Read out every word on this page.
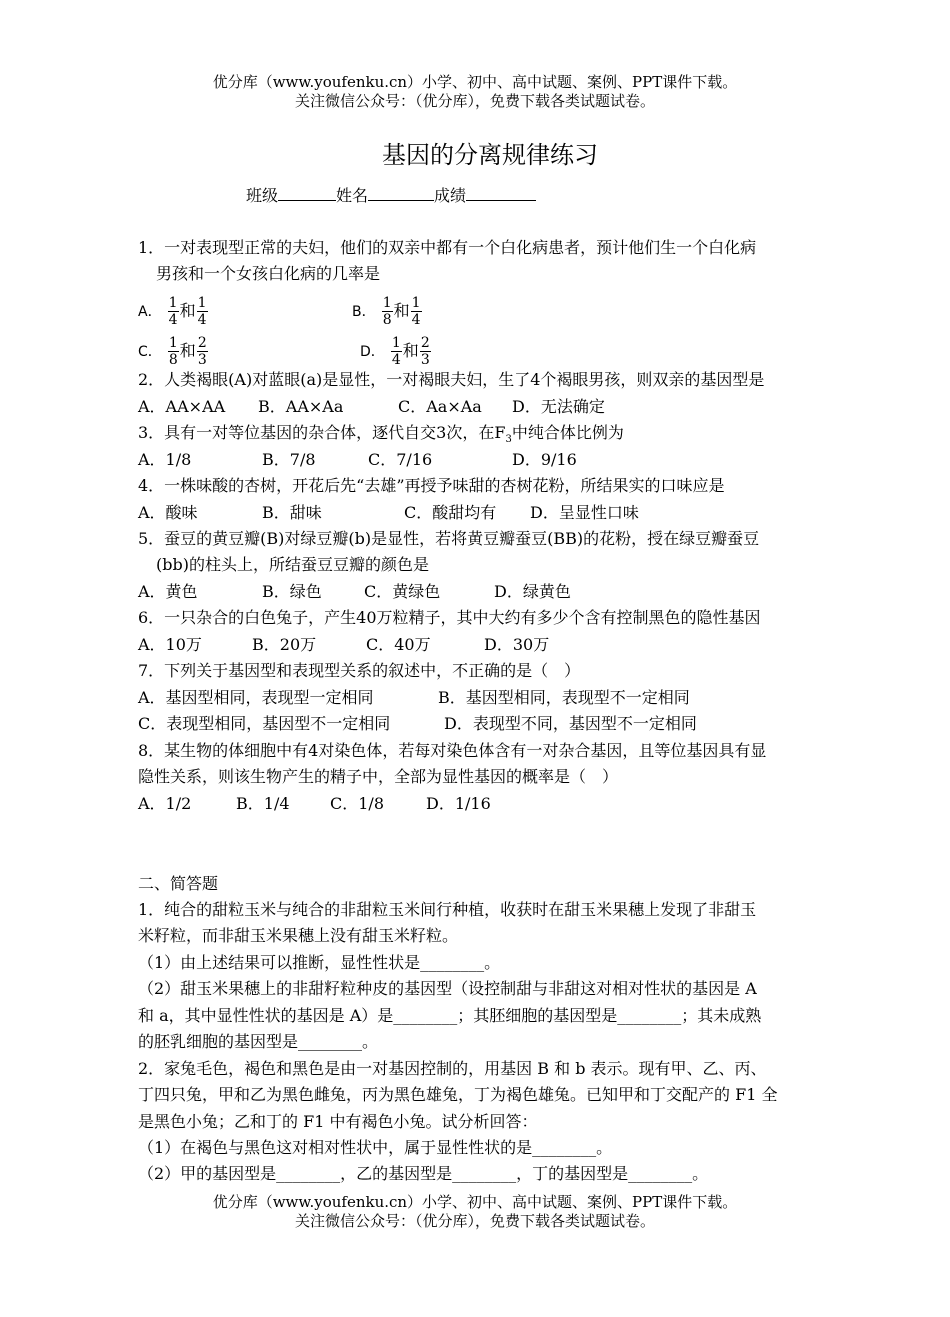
优分库（www.youfenku.cn）小学、初中、高中试题、案例、PPT课件下载。
关注微信公众号：（优分库），免费下载各类试题试卷。
基因的分离规律练习
班级	姓名	成绩
1．一对表现型正常的夫妇，他们的双亲中都有一个白化病患者，预计他们生一个白化病
男孩和一个女孩白化病的几率是
A． $\frac{1}{4}$ 和 $\frac{1}{4}$	B． $\frac{1}{8}$ 和 $\frac{1}{4}$
C． $\frac{1}{8}$ 和 $\frac{2}{3}$	D． $\frac{1}{4}$ 和 $\frac{2}{3}$
2．人类褐眼(A)对蓝眼(a)是显性，一对褐眼夫妇，生了4个褐眼男孩，则双亲的基因型是
A．AA×AA B．AA×Aa	C．Aa×Aa D．无法确定
3．具有一对等位基因的杂合体，逐代自交3次，在$F_3$中纯合体比例为
A．1/8	B．7/8	C．7/16	D．9/16
4．一株味酸的杏树，开花后先“去雄”再授予味甜的杏树花粉，所结果实的口味应是
A．酸味	B．甜味	C．酸甜均有 D．呈显性口味
5．蚕豆的黄豆瓣(B)对绿豆瓣(b)是显性，若将黄豆瓣蚕豆(BB)的花粉，授在绿豆瓣蚕豆
(bb)的柱头上，所结蚕豆豆瓣的颜色是
A．黄色	B．绿色	C．黄绿色	D．绿黄色
6．一只杂合的白色兔子，产生40万粒精子，其中大约有多少个含有控制黑色的隐性基因
A．10万	B．20万	C．40万	D．30万
7．下列关于基因型和表现型关系的叙述中，不正确的是（　）
A．基因型相同，表现型一定相同	B．基因型相同，表现型不一定相同
C．表现型相同，基因型不一定相同	D．表现型不同，基因型不一定相同
8．某生物的体细胞中有4对染色体，若每对染色体含有一对杂合基因，且等位基因具有显
隐性关系，则该生物产生的精子中，全部为显性基因的概率是（　）
A．1/2	B．1/4	C．1/8	D．1/16
二、简答题
1．纯合的甜粒玉米与纯合的非甜粒玉米间行种植，收获时在甜玉米果穗上发现了非甜玉
米籽粒，而非甜玉米果穗上没有甜玉米籽粒。
（1）由上述结果可以推断，显性性状是________。
（2）甜玉米果穗上的非甜籽粒种皮的基因型（设控制甜与非甜这对相对性状的基因是 A
和 a，其中显性性状的基因是 A）是________；其胚细胞的基因型是________；其未成熟
的胚乳细胞的基因型是________。
2．家兔毛色，褐色和黑色是由一对基因控制的，用基因 B 和 b 表示。现有甲、乙、丙、
丁四只兔，甲和乙为黑色雌兔，丙为黑色雄兔，丁为褐色雄兔。已知甲和丁交配产的 F1 全
是黑色小兔；乙和丁的 F1 中有褐色小兔。试分析回答：
（1）在褐色与黑色这对相对性状中，属于显性性状的是________。
（2）甲的基因型是________，乙的基因型是________，丁的基因型是________。
优分库（www.youfenku.cn）小学、初中、高中试题、案例、PPT课件下载。
关注微信公众号：（优分库），免费下载各类试题试卷。
